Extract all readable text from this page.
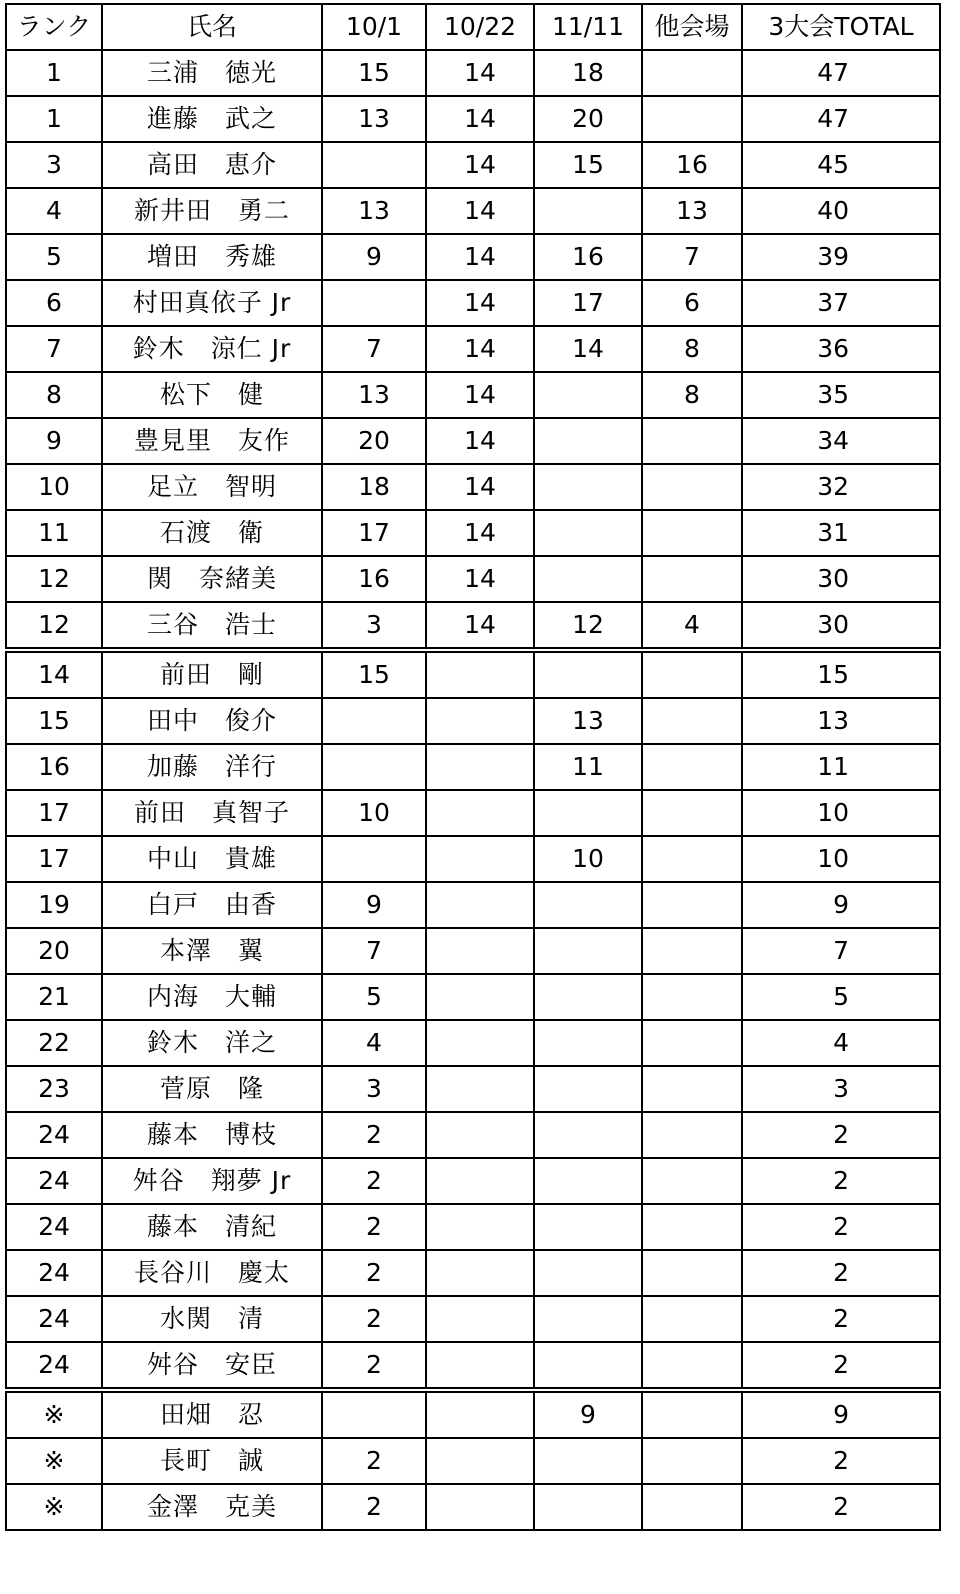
ランク	氏名	10/1	10/22	11/11	他会場	3大会TOTAL
1	三浦　徳光	15	14	18		47
1	進藤　武之	13	14	20		47
3	高田　恵介		14	15	16	45
4	新井田　勇二	13	14		13	40
5	増田　秀雄	9	14	16	7	39
6	村田真依子 Jr		14	17	6	37
7	鈴木　涼仁 Jr	7	14	14	8	36
8	松下　健	13	14		8	35
9	豊見里　友作	20	14			34
10	足立　智明	18	14			32
11	石渡　衛	17	14			31
12	関　奈緒美	16	14			30
12	三谷　浩士	3	14	12	4	30
14	前田　剛	15				15
15	田中　俊介			13		13
16	加藤　洋行			11		11
17	前田　真智子	10				10
17	中山　貴雄			10		10
19	白戸　由香	9				9
20	本澤　翼	7				7
21	内海　大輔	5				5
22	鈴木　洋之	4				4
23	菅原　隆	3				3
24	藤本　博枝	2				2
24	舛谷　翔夢 Jr	2				2
24	藤本　清紀	2				2
24	長谷川　慶太	2				2
24	水関　清	2				2
24	舛谷　安臣	2				2
※	田畑　忍			9		9
※	長町　誠	2				2
※	金澤　克美	2				2
